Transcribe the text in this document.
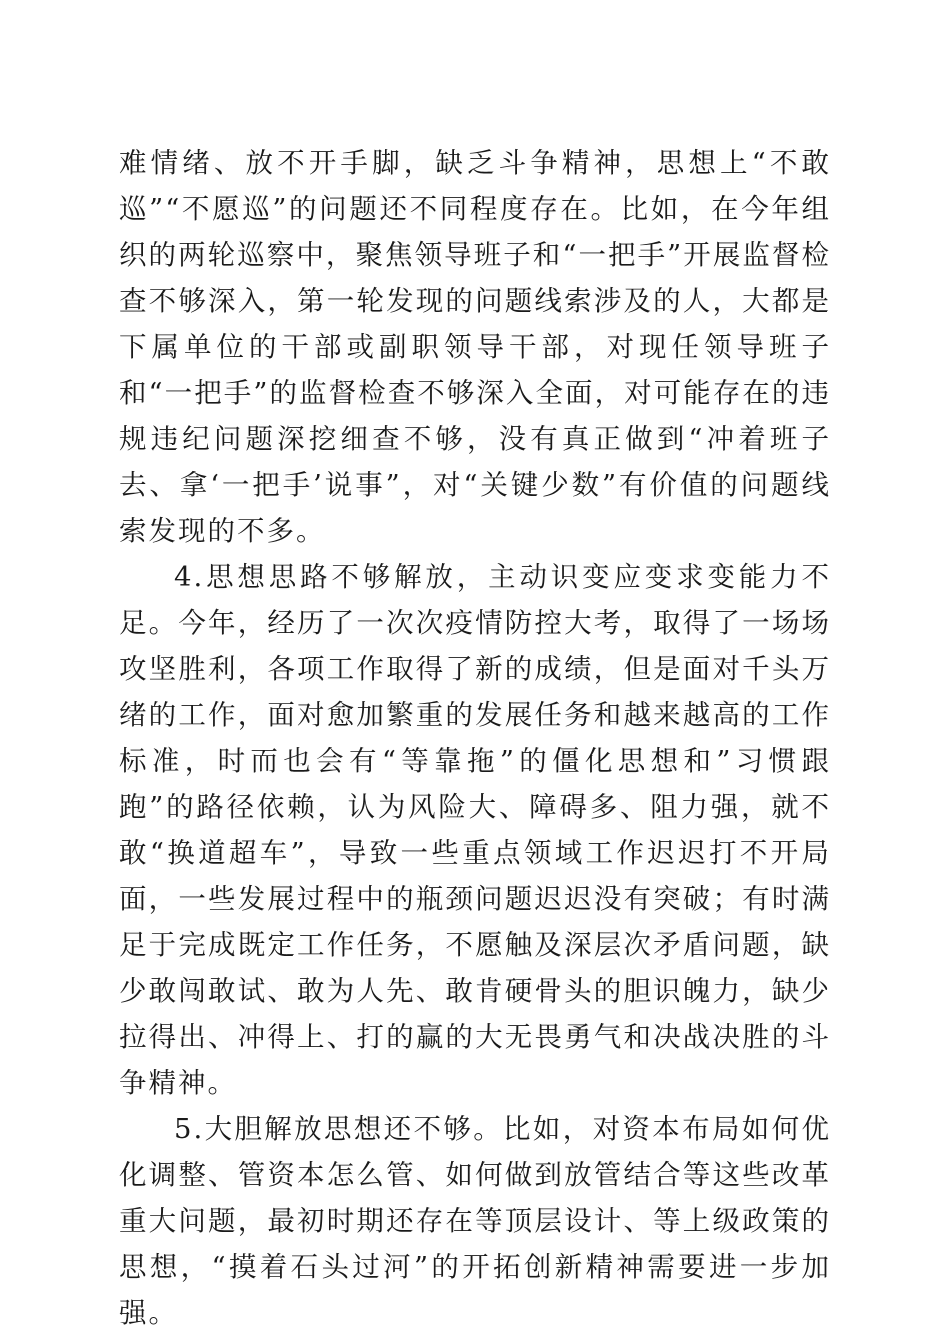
难情绪、放不开手脚，缺乏斗争精神，思想上“不敢巡”“不愿巡”的问题还不同程度存在。比如，在今年组织的两轮巡察中，聚焦领导班子和“一把手”开展监督检查不够深入，第一轮发现的问题线索涉及的人，大都是下属单位的干部或副职领导干部，对现任领导班子和“一把手”的监督检查不够深入全面，对可能存在的违规违纪问题深挖细查不够，没有真正做到“冲着班子去、拿‘一把手’说事”，对“关键少数”有价值的问题线索发现的不多。

4.思想思路不够解放，主动识变应变求变能力不足。今年，经历了一次次疫情防控大考，取得了一场场攻坚胜利，各项工作取得了新的成绩，但是面对千头万绪的工作，面对愈加繁重的发展任务和越来越高的工作标准，时而也会有“等靠拖”的僵化思想和”习惯跟跑”的路径依赖，认为风险大、障碍多、阻力强，就不敢“换道超车”，导致一些重点领域工作迟迟打不开局面，一些发展过程中的瓶颈问题迟迟没有突破；有时满足于完成既定工作任务，不愿触及深层次矛盾问题，缺少敢闯敢试、敢为人先、敢肯硬骨头的胆识魄力，缺少拉得出、冲得上、打的赢的大无畏勇气和决战决胜的斗争精神。

5.大胆解放思想还不够。比如，对资本布局如何优化调整、管资本怎么管、如何做到放管结合等这些改革重大问题，最初时期还存在等顶层设计、等上级政策的思想，“摸着石头过河”的开拓创新精神需要进一步加强。
